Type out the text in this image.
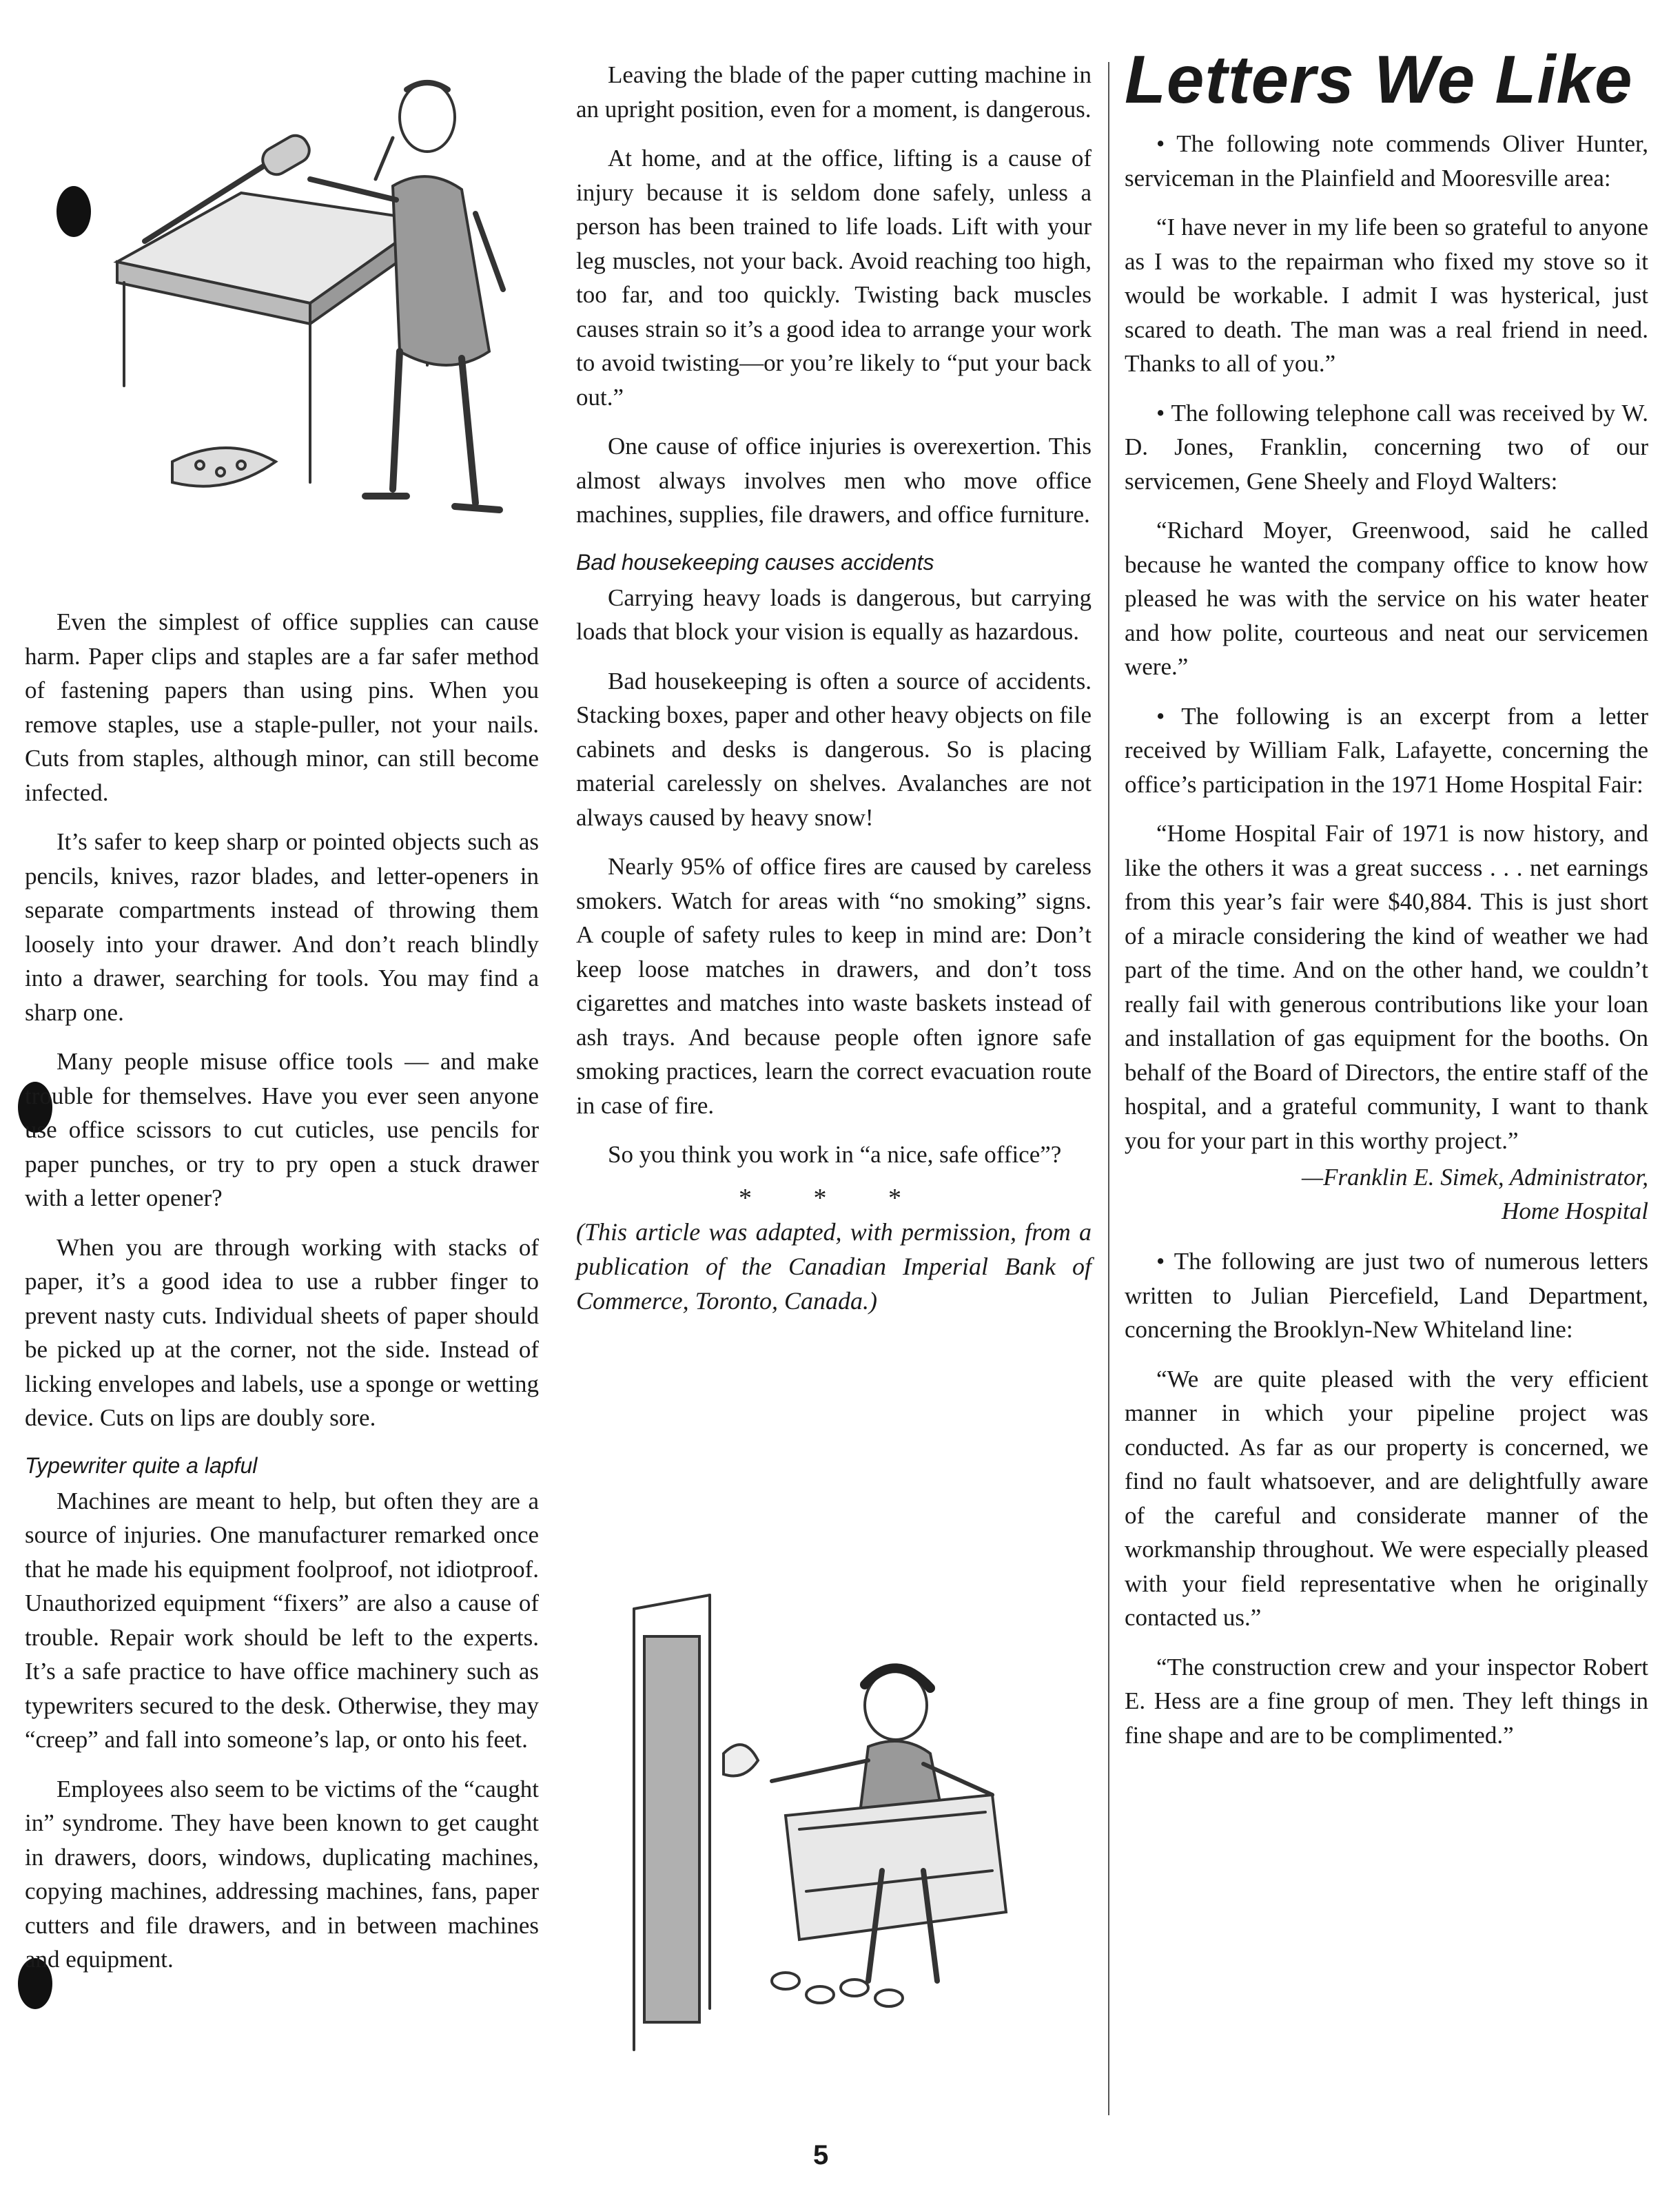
Even the simplest of office supplies can cause harm. Paper clips and staples are a far safer method of fastening papers than using pins. When you remove staples, use a staple-puller, not your nails. Cuts from staples, although minor, can still become infected.

It’s safer to keep sharp or pointed objects such as pencils, knives, razor blades, and letter-openers in separate compartments instead of throwing them loosely into your drawer. And don’t reach blindly into a drawer, searching for tools. You may find a sharp one.

Many people misuse office tools — and make trouble for themselves. Have you ever seen anyone use office scissors to cut cuticles, use pencils for paper punches, or try to pry open a stuck drawer with a letter opener?

When you are through working with stacks of paper, it’s a good idea to use a rubber finger to prevent nasty cuts. Individual sheets of paper should be picked up at the corner, not the side. Instead of licking envelopes and labels, use a sponge or wetting device. Cuts on lips are doubly sore.

Typewriter quite a lapful

Machines are meant to help, but often they are a source of injuries. One manufacturer remarked once that he made his equipment foolproof, not idiotproof. Unauthorized equipment “fixers” are also a cause of trouble. Repair work should be left to the experts. It’s a safe practice to have office machinery such as typewriters secured to the desk. Otherwise, they may “creep” and fall into someone’s lap, or onto his feet.

Employees also seem to be victims of the “caught in” syndrome. They have been known to get caught in drawers, doors, windows, duplicating machines, copying machines, addressing machines, fans, paper cutters and file drawers, and in between machines and equipment.

Leaving the blade of the paper cutting machine in an upright position, even for a moment, is dangerous.

At home, and at the office, lifting is a cause of injury because it is seldom done safely, unless a person has been trained to life loads. Lift with your leg muscles, not your back. Avoid reaching too high, too far, and too quickly. Twisting back muscles causes strain so it’s a good idea to arrange your work to avoid twisting—or you’re likely to “put your back out.”

One cause of office injuries is overexertion. This almost always involves men who move office machines, supplies, file drawers, and office furniture.

Bad housekeeping causes accidents

Carrying heavy loads is dangerous, but carrying loads that block your vision is equally as hazardous.

Bad housekeeping is often a source of accidents. Stacking boxes, paper and other heavy objects on file cabinets and desks is dangerous. So is placing material carelessly on shelves. Avalanches are not always caused by heavy snow!

Nearly 95% of office fires are caused by careless smokers. Watch for areas with “no smoking” signs. A couple of safety rules to keep in mind are: Don’t keep loose matches in drawers, and don’t toss cigarettes and matches into waste baskets instead of ash trays. And because people often ignore safe smoking practices, learn the correct evacuation route in case of fire.

So you think you work in “a nice, safe office”?

* * *
(This article was adapted, with permission, from a publication of the Canadian Imperial Bank of Commerce, Toronto, Canada.)
Letters We Like

• The following note commends Oliver Hunter, serviceman in the Plainfield and Mooresville area:

“I have never in my life been so grateful to anyone as I was to the repairman who fixed my stove so it would be workable. I admit I was hysterical, just scared to death. The man was a real friend in need. Thanks to all of you.”

• The following telephone call was received by W. D. Jones, Franklin, concerning two of our servicemen, Gene Sheely and Floyd Walters:

“Richard Moyer, Greenwood, said he called because he wanted the company office to know how pleased he was with the service on his water heater and how polite, courteous and neat our servicemen were.”

• The following is an excerpt from a letter received by William Falk, Lafayette, concerning the office’s participation in the 1971 Home Hospital Fair:

“Home Hospital Fair of 1971 is now history, and like the others it was a great success . . . net earnings from this year’s fair were $40,884. This is just short of a miracle considering the kind of weather we had part of the time. And on the other hand, we couldn’t really fail with generous contributions like your loan and installation of gas equipment for the booths. On behalf of the Board of Directors, the entire staff of the hospital, and a grateful community, I want to thank you for your part in this worthy project.”

—Franklin E. Simek, Administrator,
Home Hospital

• The following are just two of numerous letters written to Julian Piercefield, Land Department, concerning the Brooklyn-New Whiteland line:

“We are quite pleased with the very efficient manner in which your pipeline project was conducted. As far as our property is concerned, we find no fault whatsoever, and are delightfully aware of the careful and considerate manner of the workmanship throughout. We were especially pleased with your field representative when he originally contacted us.”

“The construction crew and your inspector Robert E. Hess are a fine group of men. They left things in fine shape and are to be complimented.”

5
